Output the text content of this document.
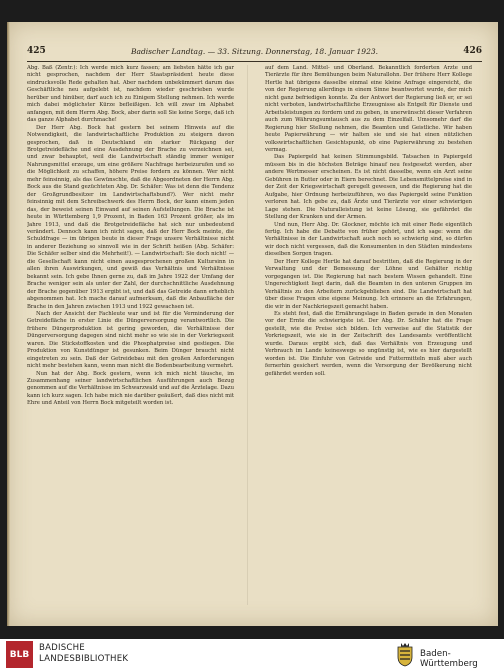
425	Badischer Landtag. — 33. Sitzung. Donnerstag, 18. Januar 1923.	426

Abg. Baß (Zentr.): Ich werde mich kurz fassen; am liebsten hätte ich gar nicht gesprochen, nachdem der Herr Staatspräsident heute diese eindrucksvolle Rede gehalten hat. Aber nachdem unbekümmert darum das Geschäftliche neu aufgelebt ist, nachdem wieder geschrieben wurde herüber und hinüber, darf auch ich zu Einigem Stellung nehmen. Ich werde mich dabei möglichster Kürze befleißigen. Ich will zwar im Alphabet anfangen, mit dem Herrn Abg. Bock, aber darin soll Sie keine Sorge, daß ich das ganze Alphabet durchmache!

Der Herr Abg. Bock hat gestern bei seinem Hinweis auf die Notwendigkeit, die landwirtschaftliche Produktion zu steigern davon gesprochen, daß in Deutschland ein starker Rückgang der Brotgetreidefläche und eine Ausdehnung der Brache zu verzeichnen sei, und zwar behauptet, weil die Landwirtschaft ständig immer weniger Nahrungsmittel erzeuge, um eine größere Nachfrage herbeizurufen und so die Möglichkeit zu schaffen, höhere Preise fordern zu können. Wer nicht mehr feinsinnig, als das Gewünschte, daß die Abgeordneten der Herrn Abg. Bock aus die Stand gezüchteten Abg. Dr. Schäfer: Was ist denn die Tendenz der Großgrundbesitzer im Landwirtschaftsbund?). Wer nicht mehr feinsinnig mit dem Schreibschwerk des Herrn Bock, der kann einem jeden das, der beweist seinen Einwand auf seinen Aufstellungen. Die Brache ist heute in Württemberg 1,9 Prozent, in Baden 163 Prozent größer, als im Jahre 1913, und daß die Brotgetreidefläche hat sich nur unbedeutend verändert. Dennoch kann ich nicht sagen, daß der Herr Bock meinte, die Schuldfrage — im übrigen beute in dieser Frage unsere Verhältnisse nicht in anderer Beziehung so sinnvoll wie in der Schrift heißen (Abg. Schäfer: Die Schäfer selber sind die Mehrheit!). — Landwirtschaft: Sie doch nicht! — die Gesellschaft kann nicht einen ausgesprochenen großen Kultursinn in allen ihren Auswirkungen, und gewiß das Verhältnis und Verhältnisse bekannt sein. Ich gebe Ihnen gerne zu, daß im Jahre 1922 der Umfang der Brache weniger sein als unter der Zahl, der durchschnittliche Ausdehnung der Brache gegenüber 1913 ergibt ist, und daß das Getreide dann erheblich abgenommen hat. Ich mache darauf aufmerksam, daß die Anbaufläche der Brache in den Jahren zwischen 1913 und 1922 gewachsen ist.

Nach der Ansicht der Fachleute war und ist für die Verminderung der Getreidefläche in erster Linie die Düngerversorgung verantwortlich. Die frühere Düngerproduktion ist gering geworden, die Verhältnisse der Düngerversorgung dagegen sind nicht mehr so wie sie in der Vorkriegszeit waren. Die Stickstoffkosten und die Phosphatpreise sind gestiegen. Die Produktion von Kunstdünger ist gesunken. Beim Dünger braucht nicht eingetreten zu sein. Daß der Getreidebau mit den großen Anforderungen nicht mehr bestehen kann, wenn man nicht die Bodenbearbeitung vermehrt.

Nun hat der Abg. Bock gestern, wenn ich mich nicht täusche, im Zusammenhang seiner landwirtschaftlichen Ausführungen auch Bezug genommen auf die Verhältnisse im Schwarzwald und auf die Ärztelage. Dazu kann ich kurz sagen. Ich habe mich nie darüber geäußert, daß dies nicht mit Ehre und Anteil von Herrn Bock mitgeteilt worden ist.

auf dem Land. Mittel- und Oberland. Bekanntlich forderten Ärzte und Tierärzte für ihre Bemühungen beim Naturallohn. Der frühere Herr Kollege Hertle hat übrigens dasselbe einmal eine kleine Anfrage eingereicht, die von der Regierung allerdings in einem Sinne beantwortet wurde, der mich nicht ganz befriedigen konnte. Zu der Antwort der Regierung ließ er, er sei nicht verboten, landwirtschaftliche Erzeugnisse als Entgelt für Dienste und Arbeitsleistungen zu fordern und zu geben, in unerwünscht dieser Verfahren auch zum Währungsumtausch aus zu dem Einzelfall. Umsomehr darf die Regierung hier Stellung nehmen, die Beamten und Geistliche. Wir haben heute Papierwährung — wir halten sie und sie hat einen nützlichen volkswirtschaftlichen Gesichtspunkt, ob eine Papierwährung zu bestehen vermag.

Das Papiergeld hat keinen Stimmungsbild. Tatsachen in Papiergeld müssen bis in die höchsten Beträge hinauf neu festgesetzt werden, aber andere Wertmesser erscheinen. Es ist nicht dasselbe, wenn ein Arzt seine Gebühren in Butter oder in Eiern berechnet. Die Lebensmittelpreise sind in der Zeit der Kriegswirtschaft geregelt gewesen, und die Regierung hat die Aufgabe, hier Ordnung herbeizuführen, wo das Papiergeld seine Funktion verloren hat. Ich gebe zu, daß Ärzte und Tierärzte vor einer schwierigen Lage stehen. Die Naturalleistung ist keine Lösung, sie gefährdet die Stellung der Kranken und der Armen.

Und nun, Herr Abg. Dr. Glockner, möchte ich mit einer Rede eigentlich fertig. Ich habe die Debatte von früher gehört, und ich sage: wenn die Verhältnisse in der Landwirtschaft auch noch so schwierig sind, so dürfen wir doch nicht vergessen, daß die Konsumenten in den Städten mindestens dieselben Sorgen tragen.

Der Herr Kollege Hertle hat darauf bestritten, daß die Regierung in der Verwaltung und der Bemessung der Löhne und Gehälter richtig vorgegangen ist. Die Regierung hat nach bestem Wissen gehandelt. Eine Ungerechtigkeit liegt darin, daß die Beamten in den unteren Gruppen im Verhältnis zu den Arbeitern zurückgeblieben sind. Die Landwirtschaft hat über diese Fragen eine eigene Meinung. Ich erinnere an die Erfahrungen, die wir in der Nachkriegszeit gemacht haben.

Es steht fest, daß die Ernährungslage in Baden gerade in den Monaten vor der Ernte die schwierigste ist. Der Abg. Dr. Schäfer hat die Frage gestellt, wie die Preise sich bilden. Ich verweise auf die Statistik der Vorkriegszeit, wie sie in der Zeitschrift des Landesamts veröffentlicht wurde. Daraus ergibt sich, daß das Verhältnis von Erzeugung und Verbrauch im Lande keineswegs so ungünstig ist, wie es hier dargestellt worden ist. Die Einfuhr von Getreide und Futtermitteln muß aber auch fernerhin gesichert werden, wenn die Versorgung der Bevölkerung nicht gefährdet werden soll.

BLB
BADISCHE
LANDESBIBLIOTHEK	Baden-Württemberg
